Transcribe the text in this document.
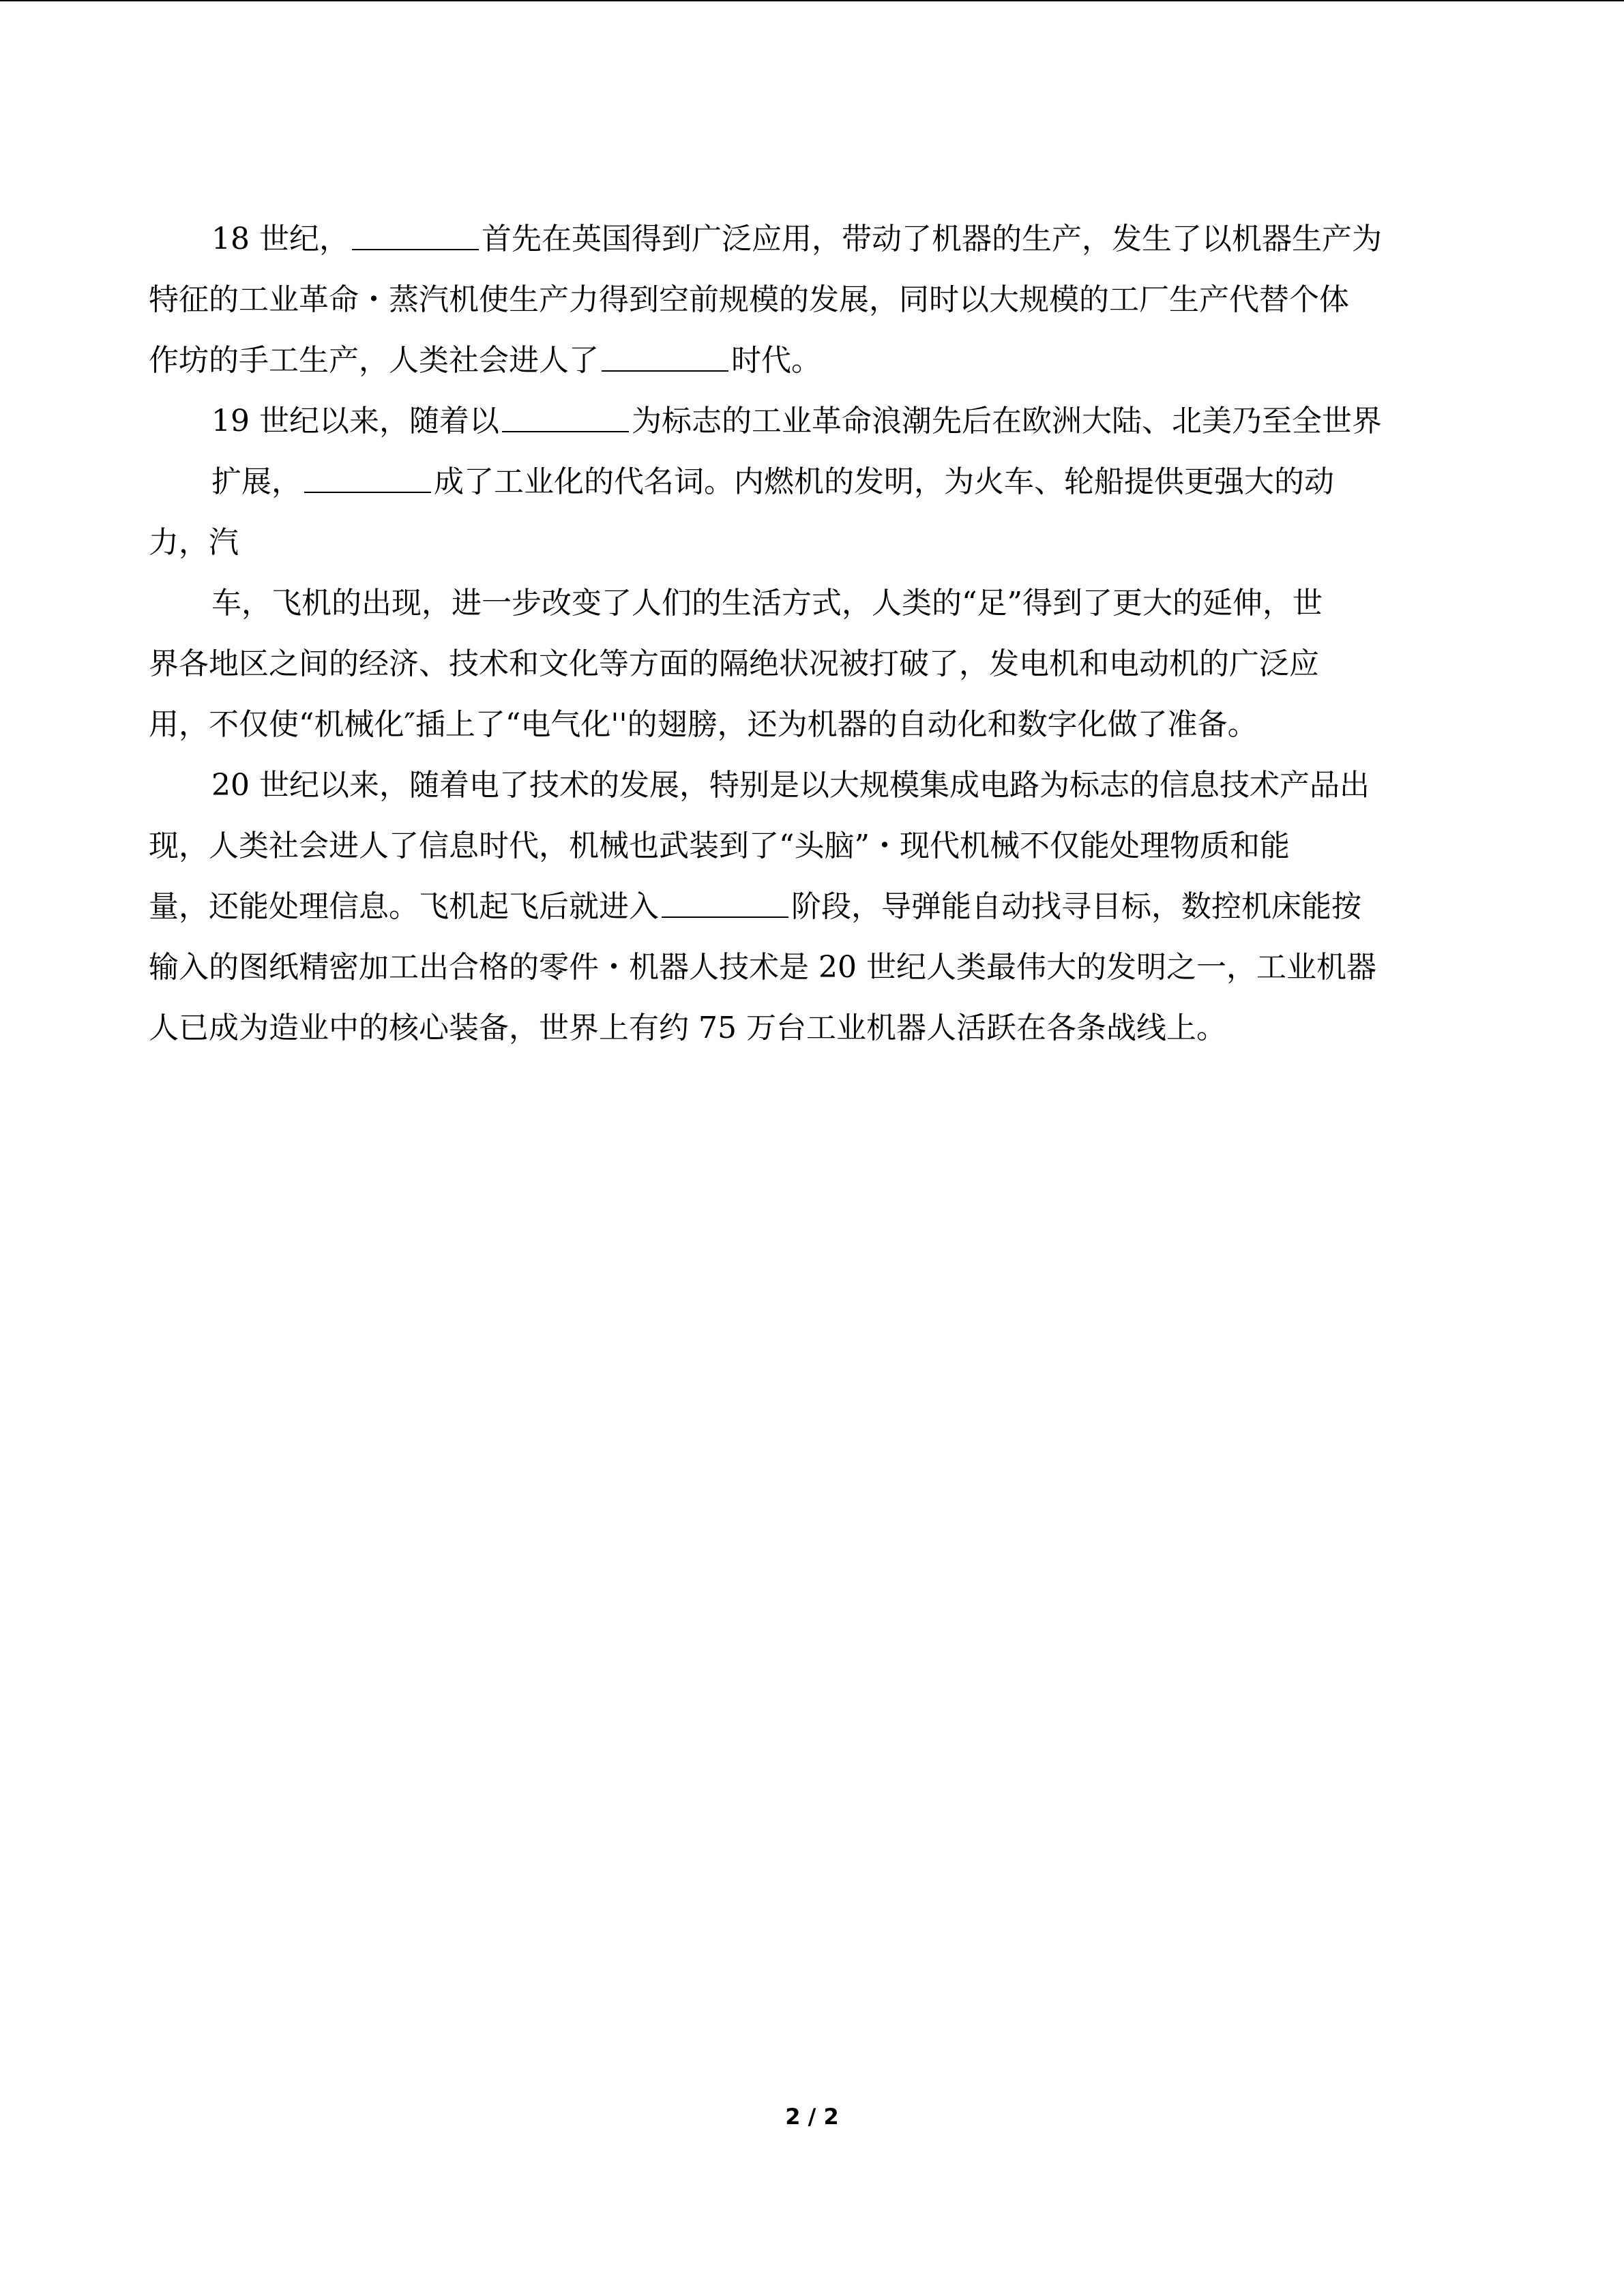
18 世纪，	首先在英国得到广泛应用，带动了机器的生产，发生了以机器生产为
特征的工业革命・蒸汽机使生产力得到空前规模的发展，同时以大规模的工厂生产代替个体
作坊的手工生产，人类社会进人了	时代。
19 世纪以来，随着以	为标志的工业革命浪潮先后在欧洲大陆、北美乃至全世界
扩展，	成了工业化的代名词。内燃机的发明，为火车、轮船提供更强大的动
力，汽
车，飞机的出现，进一步改变了人们的生活方式，人类的“足”得到了更大的延伸，世
界各地区之间的经济、技术和文化等方面的隔绝状况被打破了，发电机和电动机的广泛应
用，不仅使“机械化″插上了“电气化''的翅膀，还为机器的自动化和数字化做了准备。
20 世纪以来，随着电了技术的发展，特别是以大规模集成电路为标志的信息技术产品出
现，人类社会进人了信息时代，机械也武装到了“头脑”・现代机械不仅能处理物质和能
量，还能处理信息。飞机起飞后就进入	阶段，导弹能自动找寻目标，数控机床能按
输入的图纸精密加工出合格的零件・机器人技术是 20 世纪人类最伟大的发明之一，工业机器
人已成为造业中的核心装备，世界上有约 75 万台工业机器人活跃在各条战线上。
2 / 2
